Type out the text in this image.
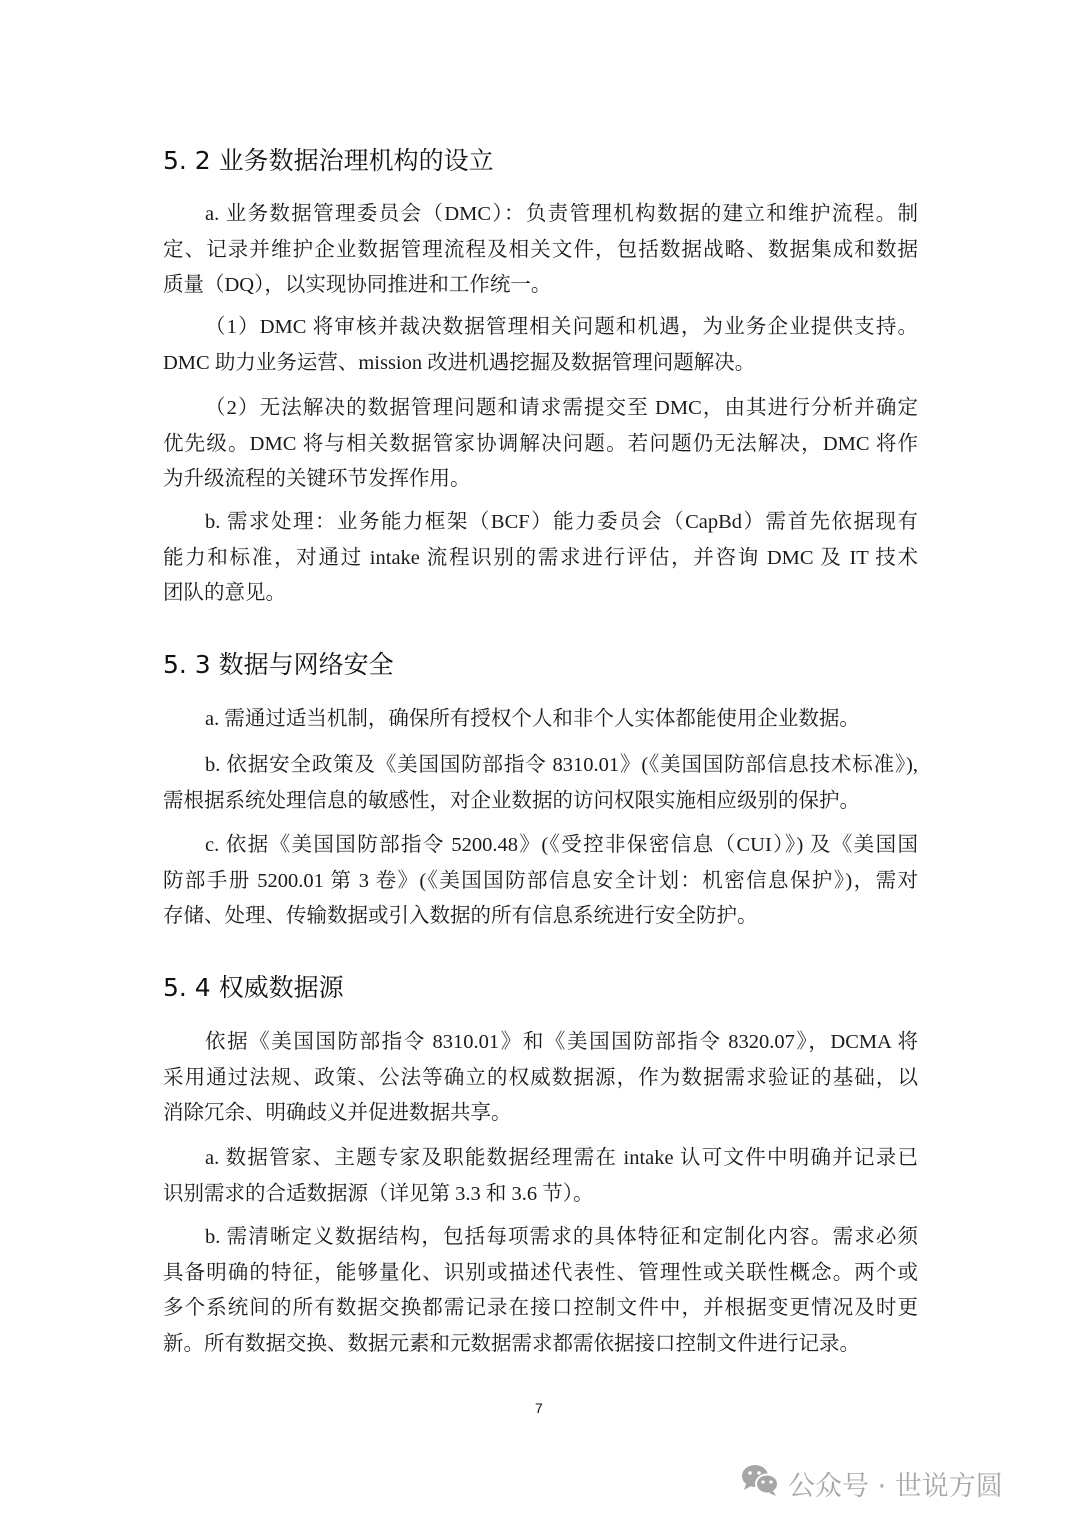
5. 2 业务数据治理机构的设立
a. 业务数据管理委员会（DMC）：负责管理机构数据的建立和维护流程。制
定、记录并维护企业数据管理流程及相关文件，包括数据战略、数据集成和数据
质量（DQ），以实现协同推进和工作统一。
（1）DMC 将审核并裁决数据管理相关问题和机遇，为业务企业提供支持。
DMC 助力业务运营、mission 改进机遇挖掘及数据管理问题解决。
（2）无法解决的数据管理问题和请求需提交至 DMC，由其进行分析并确定
优先级。DMC 将与相关数据管家协调解决问题。若问题仍无法解决，DMC 将作
为升级流程的关键环节发挥作用。
b. 需求处理：业务能力框架（BCF）能力委员会（CapBd）需首先依据现有
能力和标准，对通过 intake 流程识别的需求进行评估，并咨询 DMC 及 IT 技术
团队的意见。
5. 3 数据与网络安全
a. 需通过适当机制，确保所有授权个人和非个人实体都能使用企业数据。
b. 依据安全政策及《美国国防部指令 8310.01》(《美国国防部信息技术标准》),
需根据系统处理信息的敏感性，对企业数据的访问权限实施相应级别的保护。
c. 依据《美国国防部指令 5200.48》(《受控非保密信息（CUI）》) 及《美国国
防部手册 5200.01 第 3 卷》(《美国国防部信息安全计划：机密信息保护》)，需对
存储、处理、传输数据或引入数据的所有信息系统进行安全防护。
5. 4 权威数据源
依据《美国国防部指令 8310.01》和《美国国防部指令 8320.07》，DCMA 将
采用通过法规、政策、公法等确立的权威数据源，作为数据需求验证的基础，以
消除冗余、明确歧义并促进数据共享。
a. 数据管家、主题专家及职能数据经理需在 intake 认可文件中明确并记录已
识别需求的合适数据源（详见第 3.3 和 3.6 节）。
b. 需清晰定义数据结构，包括每项需求的具体特征和定制化内容。需求必须
具备明确的特征，能够量化、识别或描述代表性、管理性或关联性概念。两个或
多个系统间的所有数据交换都需记录在接口控制文件中，并根据变更情况及时更
新。所有数据交换、数据元素和元数据需求都需依据接口控制文件进行记录。
7
公众号 · 世说方圆
